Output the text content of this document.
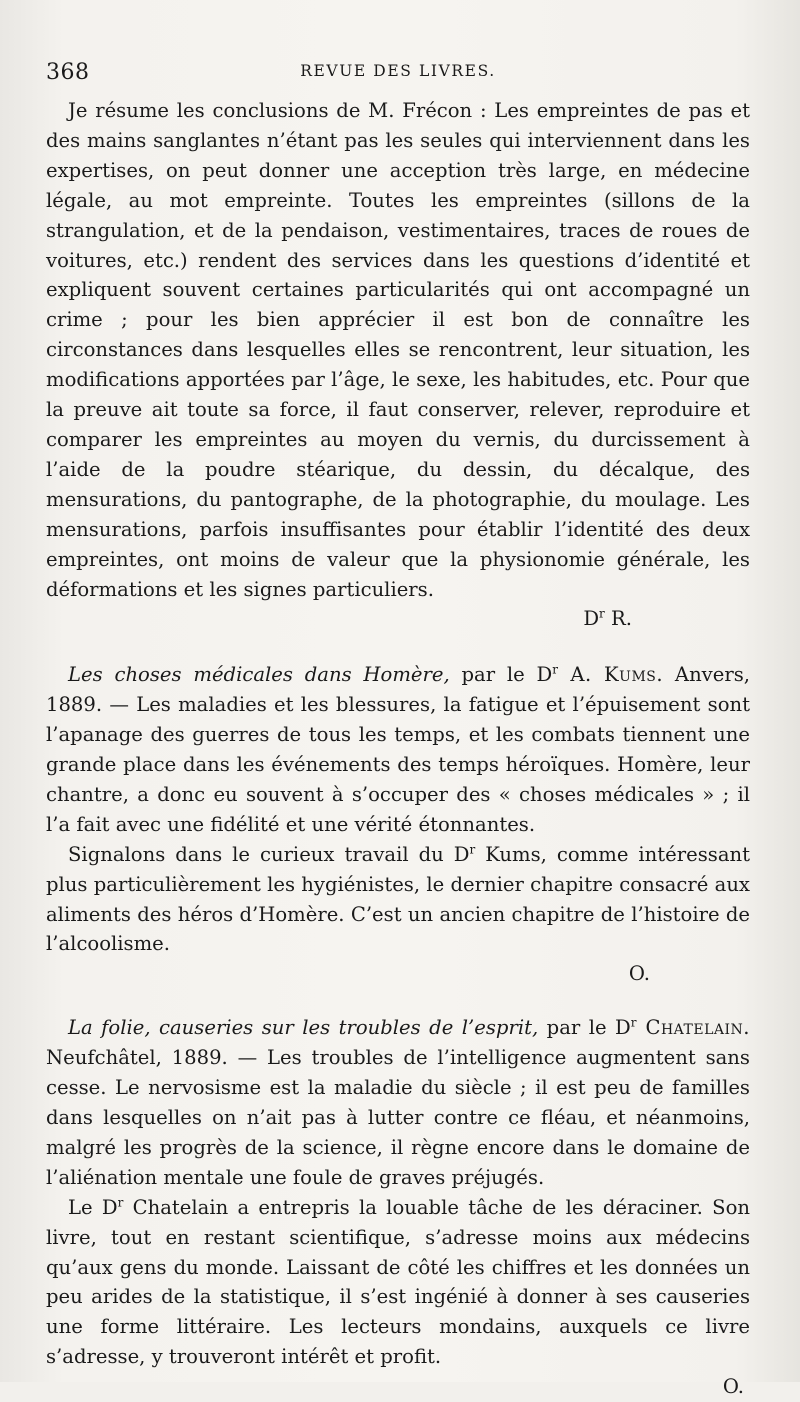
368	REVUE DES LIVRES.

Je résume les conclusions de M. Frécon : Les empreintes de pas et des mains sanglantes n’étant pas les seules qui interviennent dans les expertises, on peut donner une acception très large, en médecine légale, au mot empreinte. Toutes les empreintes (sillons de la strangulation, et de la pendaison, vestimentaires, traces de roues de voitures, etc.) rendent des services dans les questions d’identité et expliquent souvent certaines particularités qui ont accompagné un crime ; pour les bien apprécier il est bon de connaître les circonstances dans lesquelles elles se rencontrent, leur situation, les modifications apportées par l’âge, le sexe, les habitudes, etc. Pour que la preuve ait toute sa force, il faut conserver, relever, reproduire et comparer les empreintes au moyen du vernis, du durcissement à l’aide de la poudre stéarique, du dessin, du décalque, des mensurations, du pantographe, de la photographie, du moulage. Les mensurations, parfois insuffisantes pour établir l’identité des deux empreintes, ont moins de valeur que la physionomie générale, les déformations et les signes particuliers.

$D^r$ R.

Les choses médicales dans Homère, par le $D^r$ A. Kums. Anvers, 1889. — Les maladies et les blessures, la fatigue et l’épuisement sont l’apanage des guerres de tous les temps, et les combats tiennent une grande place dans les événements des temps héroïques. Homère, leur chantre, a donc eu souvent à s’occuper des « choses médicales » ; il l’a fait avec une fidélité et une vérité étonnantes.

Signalons dans le curieux travail du $D^r$ Kums, comme intéressant plus particulièrement les hygiénistes, le dernier chapitre consacré aux aliments des héros d’Homère. C’est un ancien chapitre de l’histoire de l’alcoolisme.

O.

La folie, causeries sur les troubles de l’esprit, par le $D^r$ Chatelain. Neufchâtel, 1889. — Les troubles de l’intelligence augmentent sans cesse. Le nervosisme est la maladie du siècle ; il est peu de familles dans lesquelles on n’ait pas à lutter contre ce fléau, et néanmoins, malgré les progrès de la science, il règne encore dans le domaine de l’aliénation mentale une foule de graves préjugés.

Le $D^r$ Chatelain a entrepris la louable tâche de les déraciner. Son livre, tout en restant scientifique, s’adresse moins aux médecins qu’aux gens du monde. Laissant de côté les chiffres et les données un peu arides de la statistique, il s’est ingénié à donner à ses causeries une forme littéraire. Les lecteurs mondains, auxquels ce livre s’adresse, y trouveront intérêt et profit.

O.
